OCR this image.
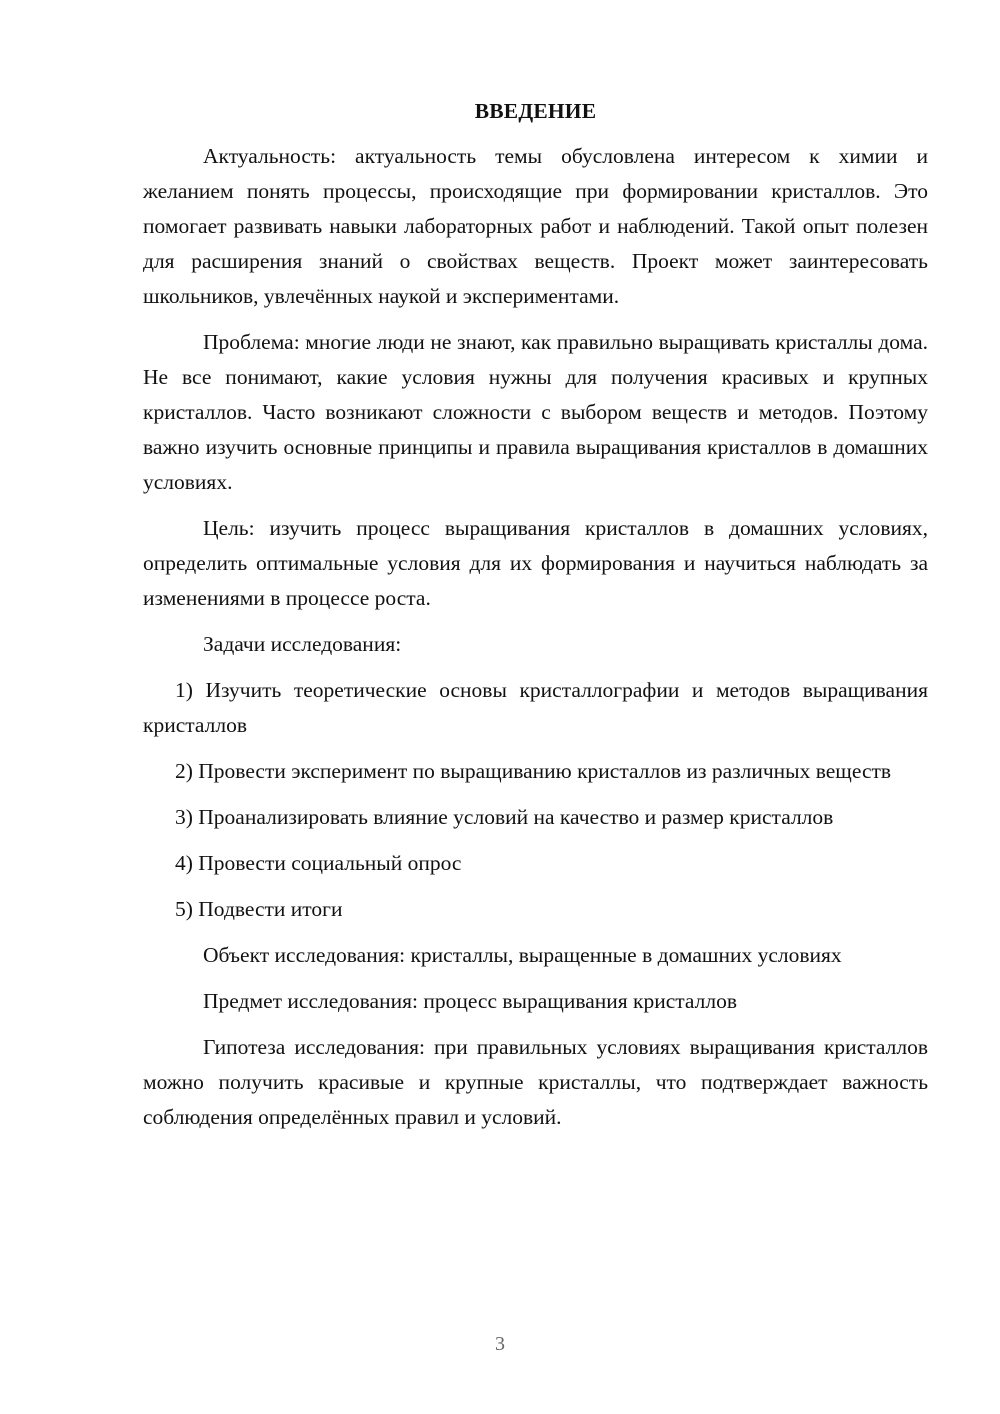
ВВЕДЕНИЕ

Актуальность: актуальность темы обусловлена интересом к химии и желанием понять процессы, происходящие при формировании кристаллов. Это помогает развивать навыки лабораторных работ и наблюдений. Такой опыт полезен для расширения знаний о свойствах веществ. Проект может заинтересовать школьников, увлечённых наукой и экспериментами.

Проблема: многие люди не знают, как правильно выращивать кристаллы дома. Не все понимают, какие условия нужны для получения красивых и крупных кристаллов. Часто возникают сложности с выбором веществ и методов. Поэтому важно изучить основные принципы и правила выращивания кристаллов в домашних условиях.

Цель: изучить процесс выращивания кристаллов в домашних условиях, определить оптимальные условия для их формирования и научиться наблюдать за изменениями в процессе роста.

Задачи исследования:

1) Изучить теоретические основы кристаллографии и методов выращивания кристаллов

2) Провести эксперимент по выращиванию кристаллов из различных веществ

3) Проанализировать влияние условий на качество и размер кристаллов

4) Провести социальный опрос

5) Подвести итоги

Объект исследования: кристаллы, выращенные в домашних условиях

Предмет исследования: процесс выращивания кристаллов

Гипотеза исследования: при правильных условиях выращивания кристаллов можно получить красивые и крупные кристаллы, что подтверждает важность соблюдения определённых правил и условий.

3
